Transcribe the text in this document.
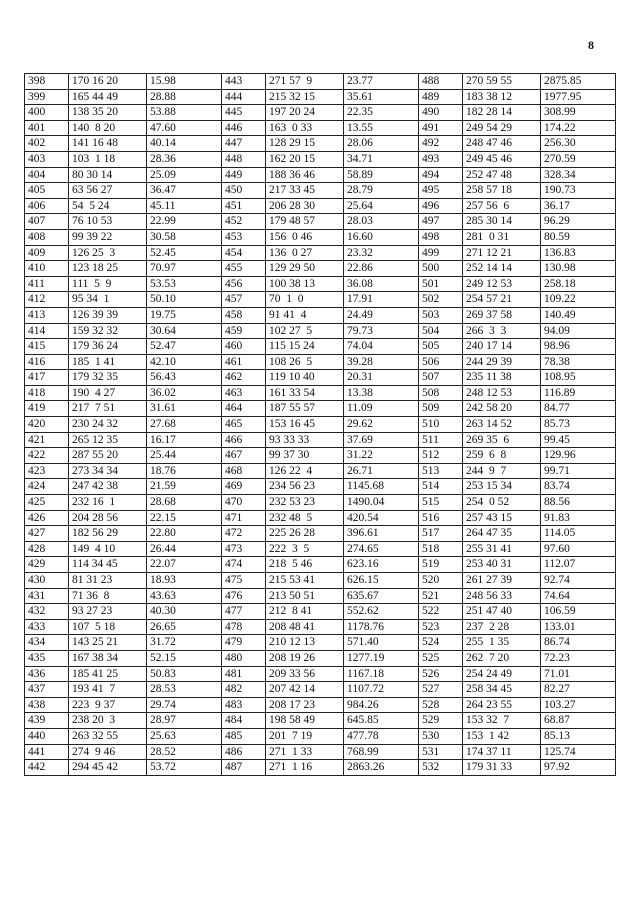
8
398	170 16 20	15.98	443	271 57  9	23.77	488	270 59 55	2875.85
399	165 44 49	28.88	444	215 32 15	35.61	489	183 38 12	1977.95
400	138 35 20	53.88	445	197 20 24	22.35	490	182 28 14	308.99
401	140  8 20	47.60	446	163  0 33	13.55	491	249 54 29	174.22
402	141 16 48	40.14	447	128 29 15	28.06	492	248 47 46	256.30
403	103  1 18	28.36	448	162 20 15	34.71	493	249 45 46	270.59
404	80 30 14	25.09	449	188 36 46	58.89	494	252 47 48	328.34
405	63 56 27	36.47	450	217 33 45	28.79	495	258 57 18	190.73
406	54  5 24	45.11	451	206 28 30	25.64	496	257 56  6	36.17
407	76 10 53	22.99	452	179 48 57	28.03	497	285 30 14	96.29
408	99 39 22	30.58	453	156  0 46	16.60	498	281  0 31	80.59
409	126 25  3	52.45	454	136  0 27	23.32	499	271 12 21	136.83
410	123 18 25	70.97	455	129 29 50	22.86	500	252 14 14	130.98
411	111  5  9	53.53	456	100 38 13	36.08	501	249 12 53	258.18
412	95 34  1	50.10	457	70  1  0	17.91	502	254 57 21	109.22
413	126 39 39	19.75	458	91 41  4	24.49	503	269 37 58	140.49
414	159 32 32	30.64	459	102 27  5	79.73	504	266  3  3	94.09
415	179 36 24	52.47	460	115 15 24	74.04	505	240 17 14	98.96
416	185  1 41	42.10	461	108 26  5	39.28	506	244 29 39	78.38
417	179 32 35	56.43	462	119 10 40	20.31	507	235 11 38	108.95
418	190  4 27	36.02	463	161 33 54	13.38	508	248 12 53	116.89
419	217  7 51	31.61	464	187 55 57	11.09	509	242 58 20	84.77
420	230 24 32	27.68	465	153 16 45	29.62	510	263 14 52	85.73
421	265 12 35	16.17	466	93 33 33	37.69	511	269 35  6	99.45
422	287 55 20	25.44	467	99 37 30	31.22	512	259  6  8	129.96
423	273 34 34	18.76	468	126 22  4	26.71	513	244  9  7	99.71
424	247 42 38	21.59	469	234 56 23	1145.68	514	253 15 34	83.74
425	232 16  1	28.68	470	232 53 23	1490.04	515	254  0 52	88.56
426	204 28 56	22.15	471	232 48  5	420.54	516	257 43 15	91.83
427	182 56 29	22.80	472	225 26 28	396.61	517	264 47 35	114.05
428	149  4 10	26.44	473	222  3  5	274.65	518	255 31 41	97.60
429	114 34 45	22.07	474	218  5 46	623.16	519	253 40 31	112.07
430	81 31 23	18.93	475	215 53 41	626.15	520	261 27 39	92.74
431	71 36  8	43.63	476	213 50 51	635.67	521	248 56 33	74.64
432	93 27 23	40.30	477	212  8 41	552.62	522	251 47 40	106.59
433	107  5 18	26.65	478	208 48 41	1178.76	523	237  2 28	133.01
434	143 25 21	31.72	479	210 12 13	571.40	524	255  1 35	86.74
435	167 38 34	52.15	480	208 19 26	1277.19	525	262  7 20	72.23
436	185 41 25	50.83	481	209 33 56	1167.18	526	254 24 49	71.01
437	193 41  7	28.53	482	207 42 14	1107.72	527	258 34 45	82.27
438	223  9 37	29.74	483	208 17 23	984.26	528	264 23 55	103.27
439	238 20  3	28.97	484	198 58 49	645.85	529	153 32  7	68.87
440	263 32 55	25.63	485	201  7 19	477.78	530	153  1 42	85.13
441	274  9 46	28.52	486	271  1 33	768.99	531	174 37 11	125.74
442	294 45 42	53.72	487	271  1 16	2863.26	532	179 31 33	97.92
